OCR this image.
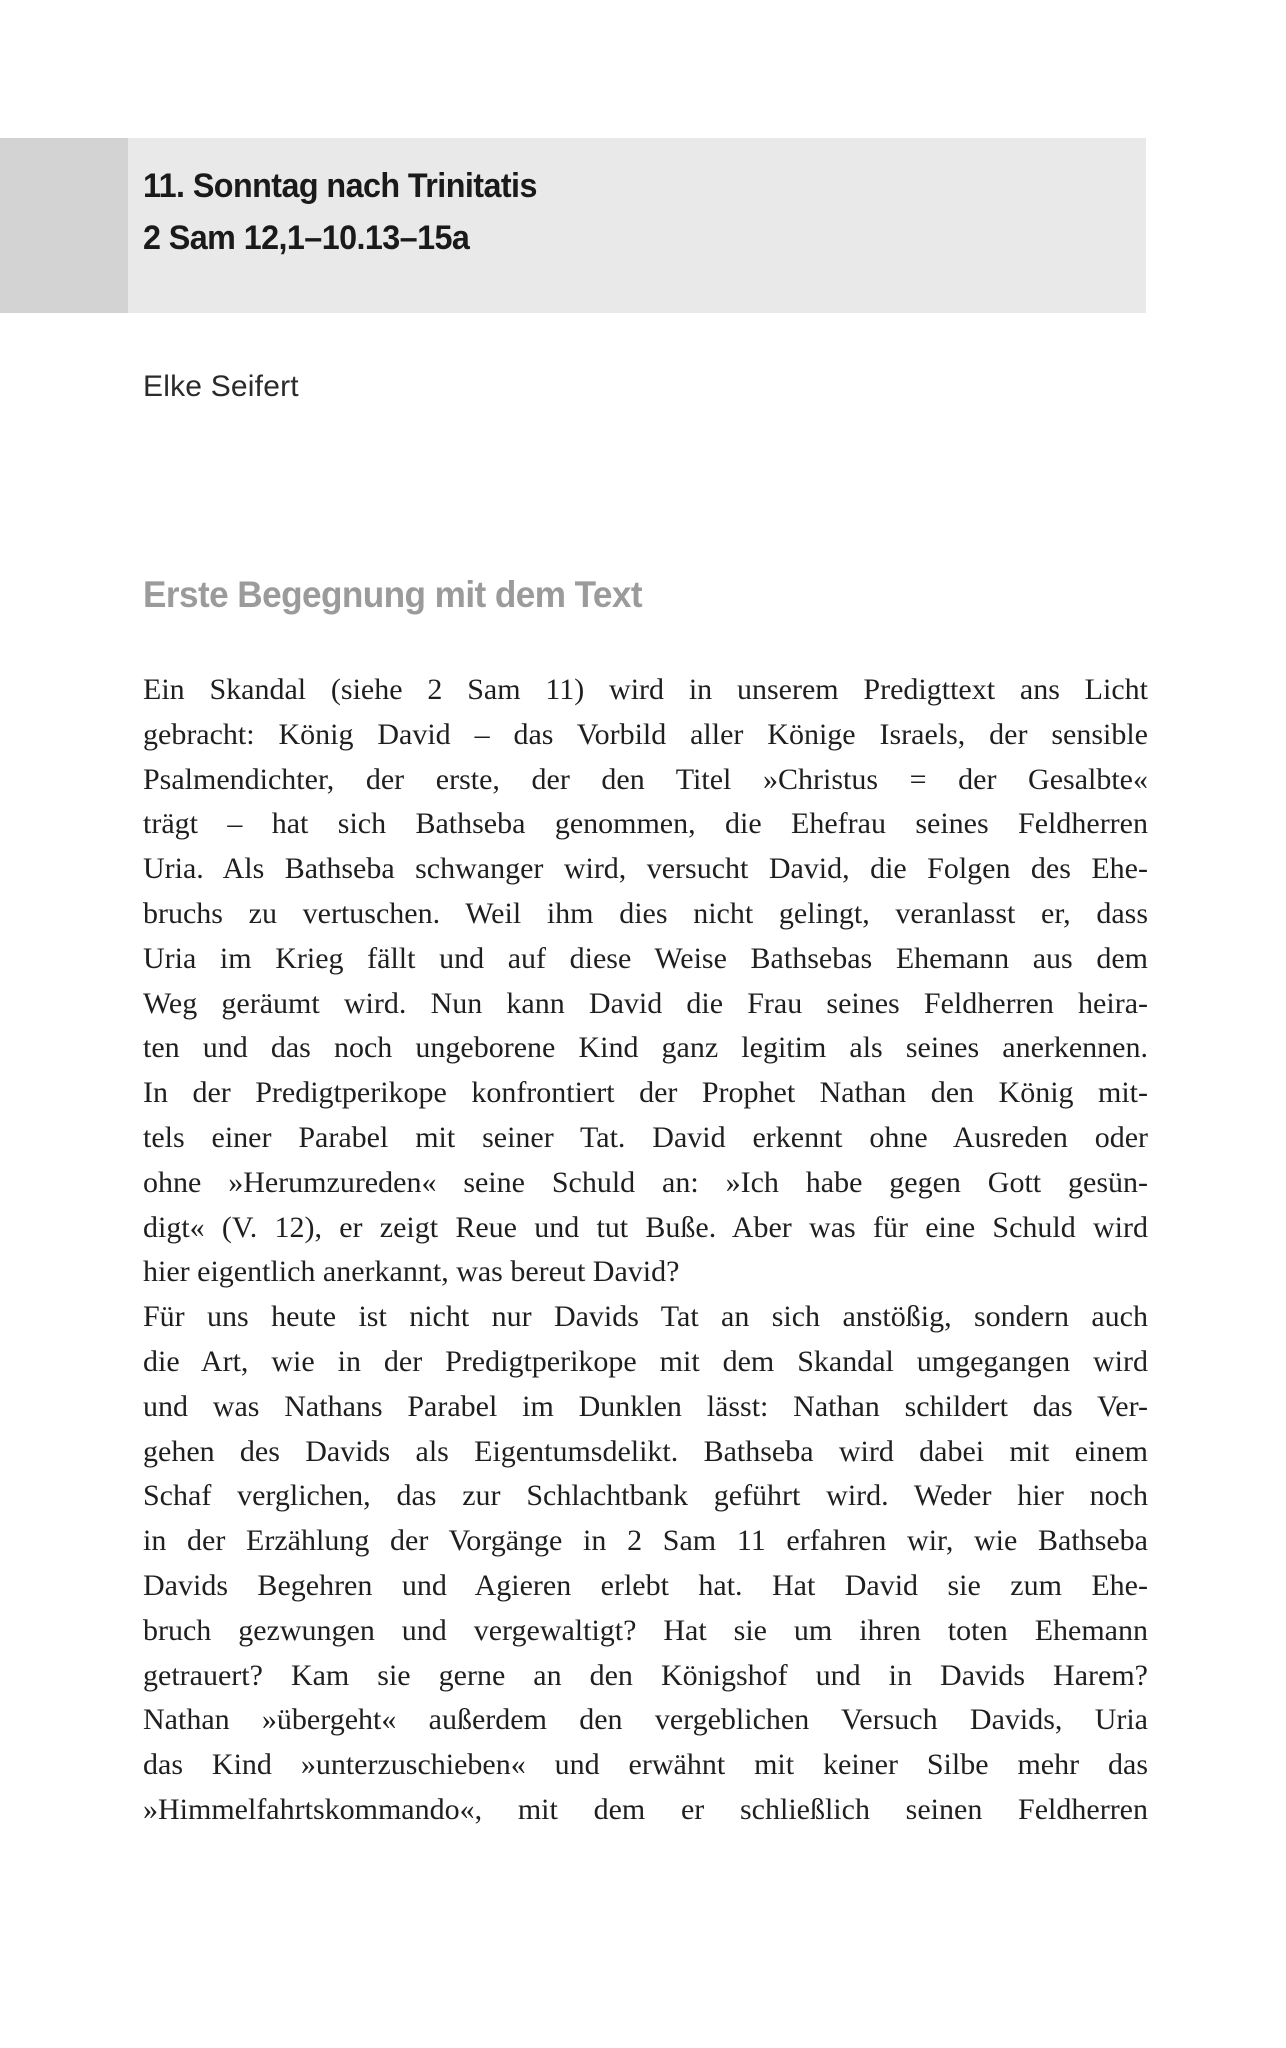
11. Sonntag nach Trinitatis
2 Sam 12,1–10.13–15a
Elke Seifert
Erste Begegnung mit dem Text
Ein Skandal (siehe 2 Sam 11) wird in unserem Predigttext ans Licht
gebracht: König David – das Vorbild aller Könige Israels, der sensible
Psalmendichter, der erste, der den Titel »Christus = der Gesalbte«
trägt – hat sich Bathseba genommen, die Ehefrau seines Feldherren
Uria. Als Bathseba schwanger wird, versucht David, die Folgen des Ehe-
bruchs zu vertuschen. Weil ihm dies nicht gelingt, veranlasst er, dass
Uria im Krieg fällt und auf diese Weise Bathsebas Ehemann aus dem
Weg geräumt wird. Nun kann David die Frau seines Feldherren heira-
ten und das noch ungeborene Kind ganz legitim als seines anerkennen.
In der Predigtperikope konfrontiert der Prophet Nathan den König mit-
tels einer Parabel mit seiner Tat. David erkennt ohne Ausreden oder
ohne »Herumzureden« seine Schuld an: »Ich habe gegen Gott gesün-
digt« (V. 12), er zeigt Reue und tut Buße. Aber was für eine Schuld wird
hier eigentlich anerkannt, was bereut David?
Für uns heute ist nicht nur Davids Tat an sich anstößig, sondern auch
die Art, wie in der Predigtperikope mit dem Skandal umgegangen wird
und was Nathans Parabel im Dunklen lässt: Nathan schildert das Ver-
gehen des Davids als Eigentumsdelikt. Bathseba wird dabei mit einem
Schaf verglichen, das zur Schlachtbank geführt wird. Weder hier noch
in der Erzählung der Vorgänge in 2 Sam 11 erfahren wir, wie Bathseba
Davids Begehren und Agieren erlebt hat. Hat David sie zum Ehe-
bruch gezwungen und vergewaltigt? Hat sie um ihren toten Ehemann
getrauert? Kam sie gerne an den Königshof und in Davids Harem?
Nathan »übergeht« außerdem den vergeblichen Versuch Davids, Uria
das Kind »unterzuschieben« und erwähnt mit keiner Silbe mehr das
»Himmelfahrtskommando«, mit dem er schließlich seinen Feldherren
